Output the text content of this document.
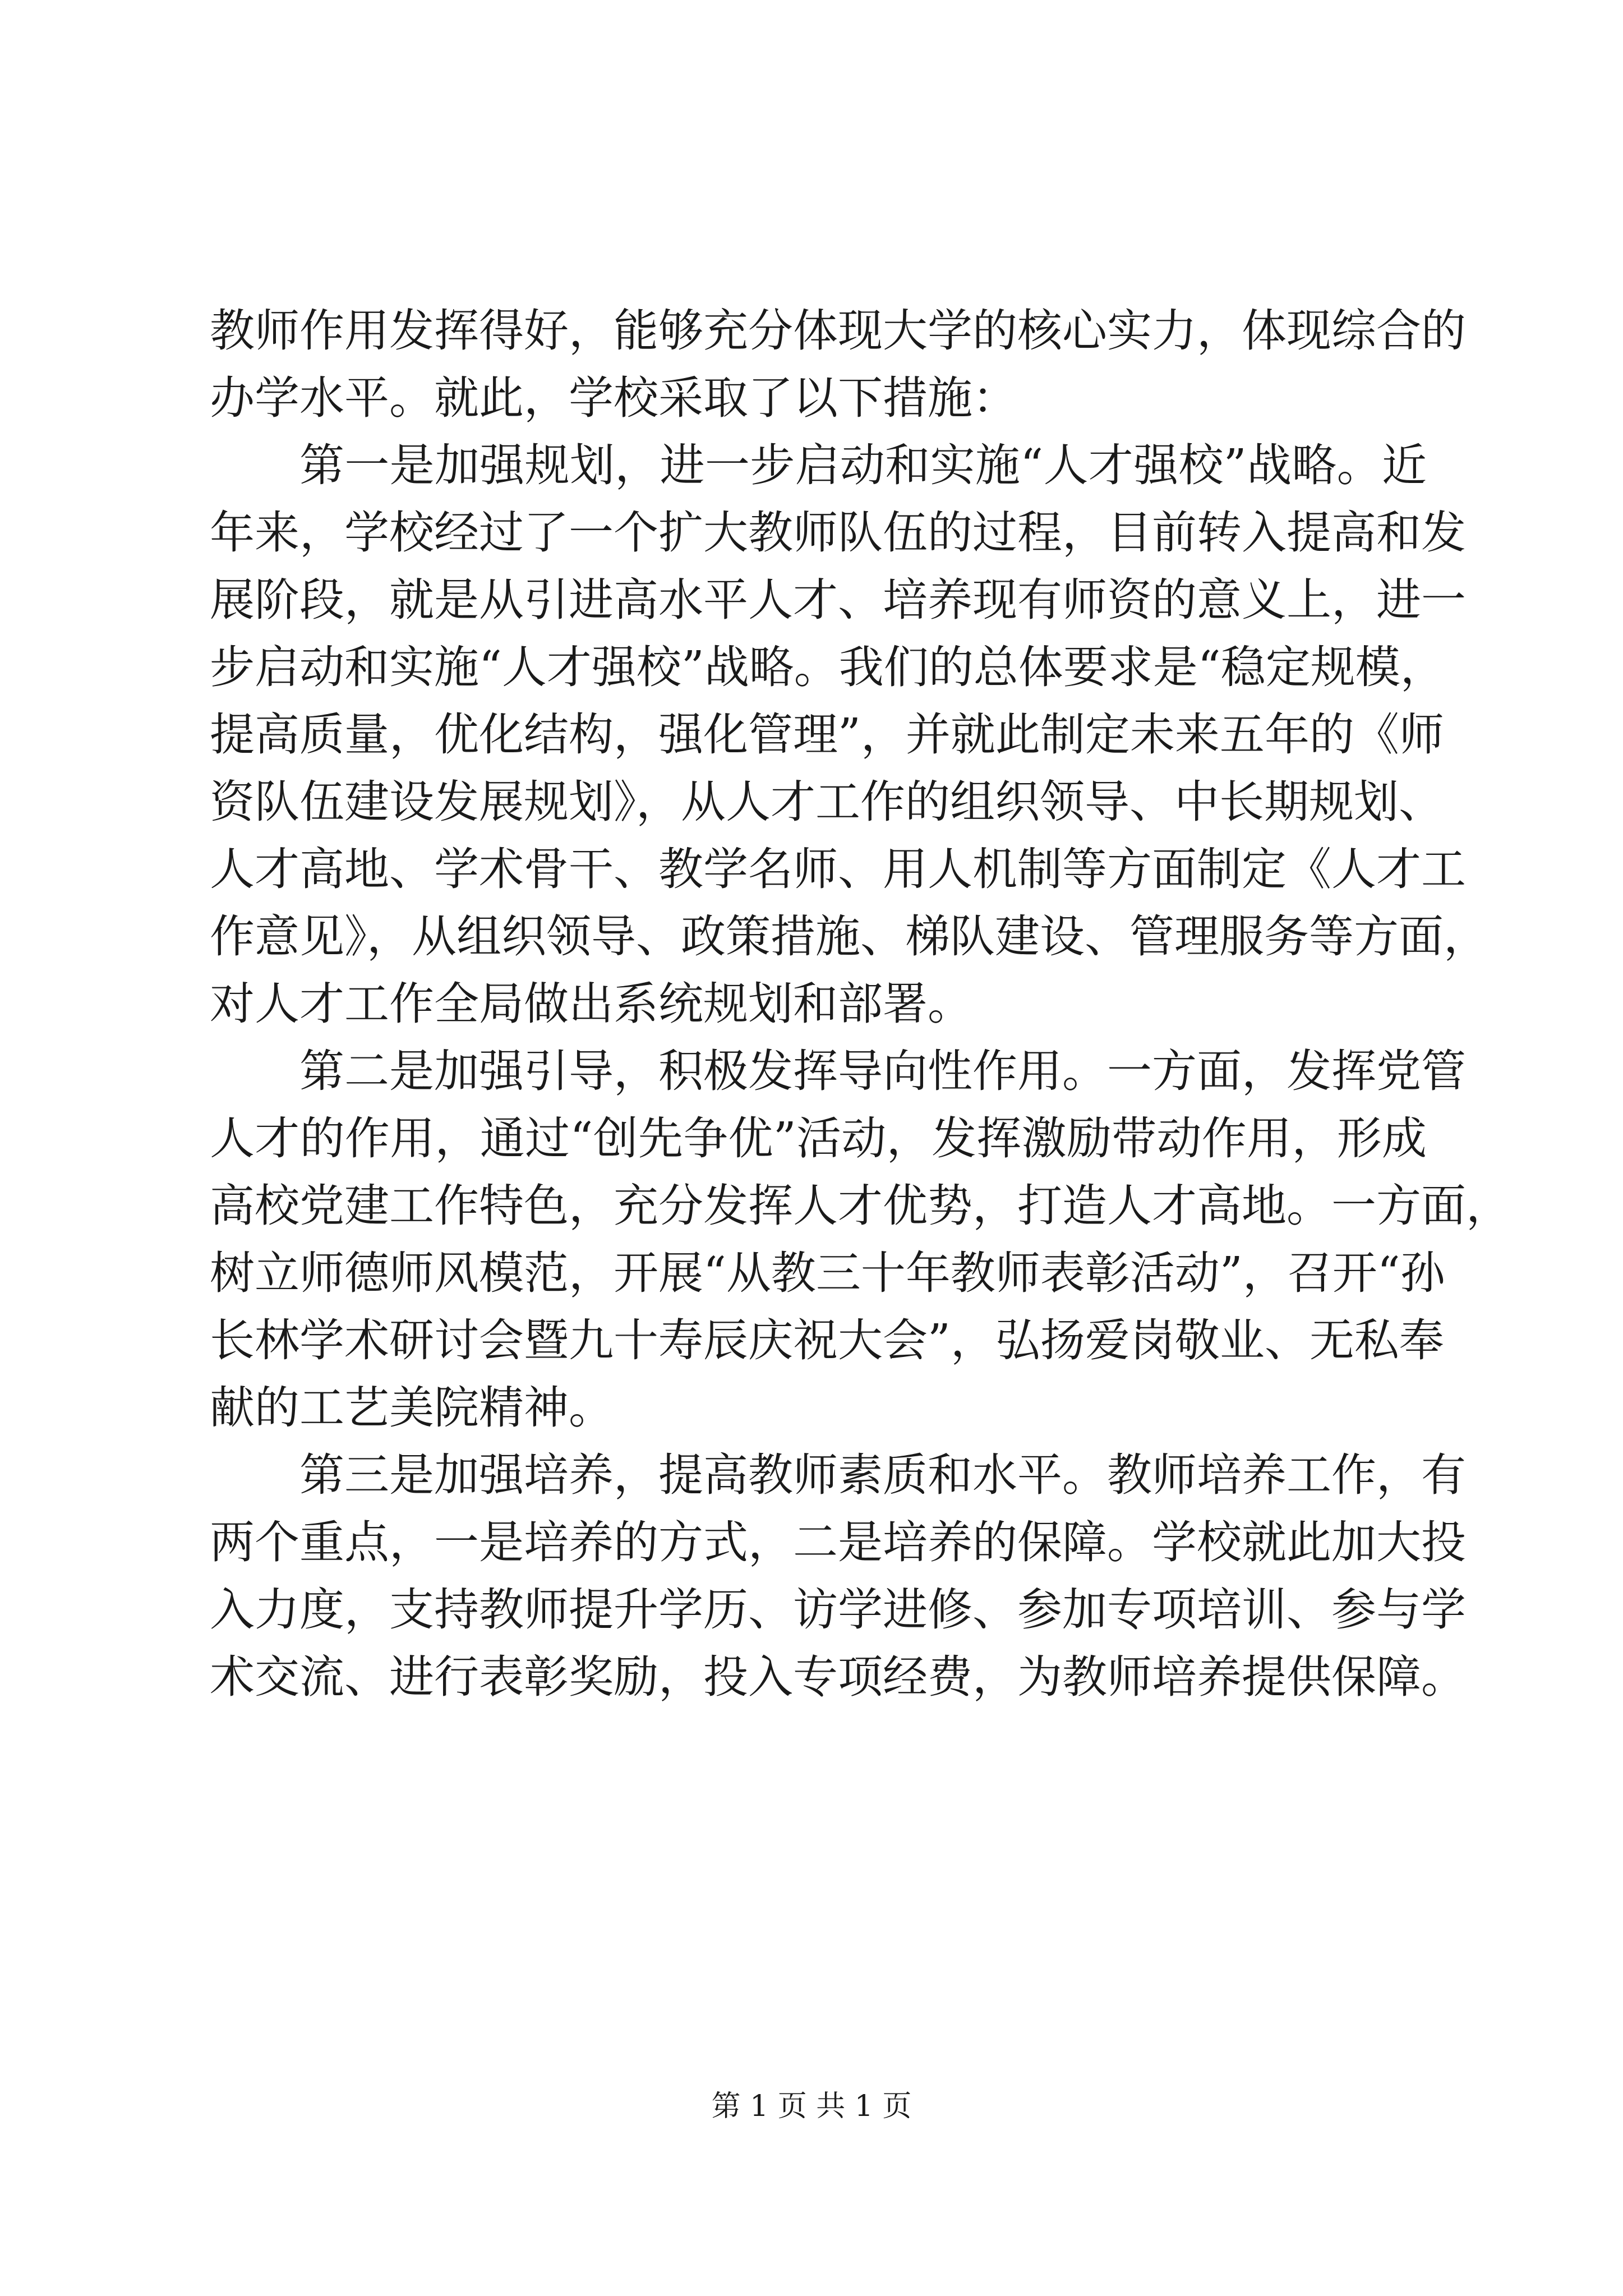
教师作用发挥得好，能够充分体现大学的核心实力，体现综合的
办学水平。就此，学校采取了以下措施：
第一是加强规划，进一步启动和实施“人才强校”战略。近
年来，学校经过了一个扩大教师队伍的过程，目前转入提高和发
展阶段，就是从引进高水平人才、培养现有师资的意义上，进一
步启动和实施“人才强校”战略。我们的总体要求是“稳定规模，
提高质量，优化结构，强化管理”，并就此制定未来五年的《师
资队伍建设发展规划》，从人才工作的组织领导、中长期规划、
人才高地、学术骨干、教学名师、用人机制等方面制定《人才工
作意见》，从组织领导、政策措施、梯队建设、管理服务等方面，
对人才工作全局做出系统规划和部署。
第二是加强引导，积极发挥导向性作用。一方面，发挥党管
人才的作用，通过“创先争优”活动，发挥激励带动作用，形成
高校党建工作特色，充分发挥人才优势，打造人才高地。一方面，
树立师德师风模范，开展“从教三十年教师表彰活动”，召开“孙
长林学术研讨会暨九十寿辰庆祝大会”，弘扬爱岗敬业、无私奉
献的工艺美院精神。
第三是加强培养，提高教师素质和水平。教师培养工作，有
两个重点，一是培养的方式，二是培养的保障。学校就此加大投
入力度，支持教师提升学历、访学进修、参加专项培训、参与学
术交流、进行表彰奖励，投入专项经费，为教师培养提供保障。
第 1 页 共 1 页
